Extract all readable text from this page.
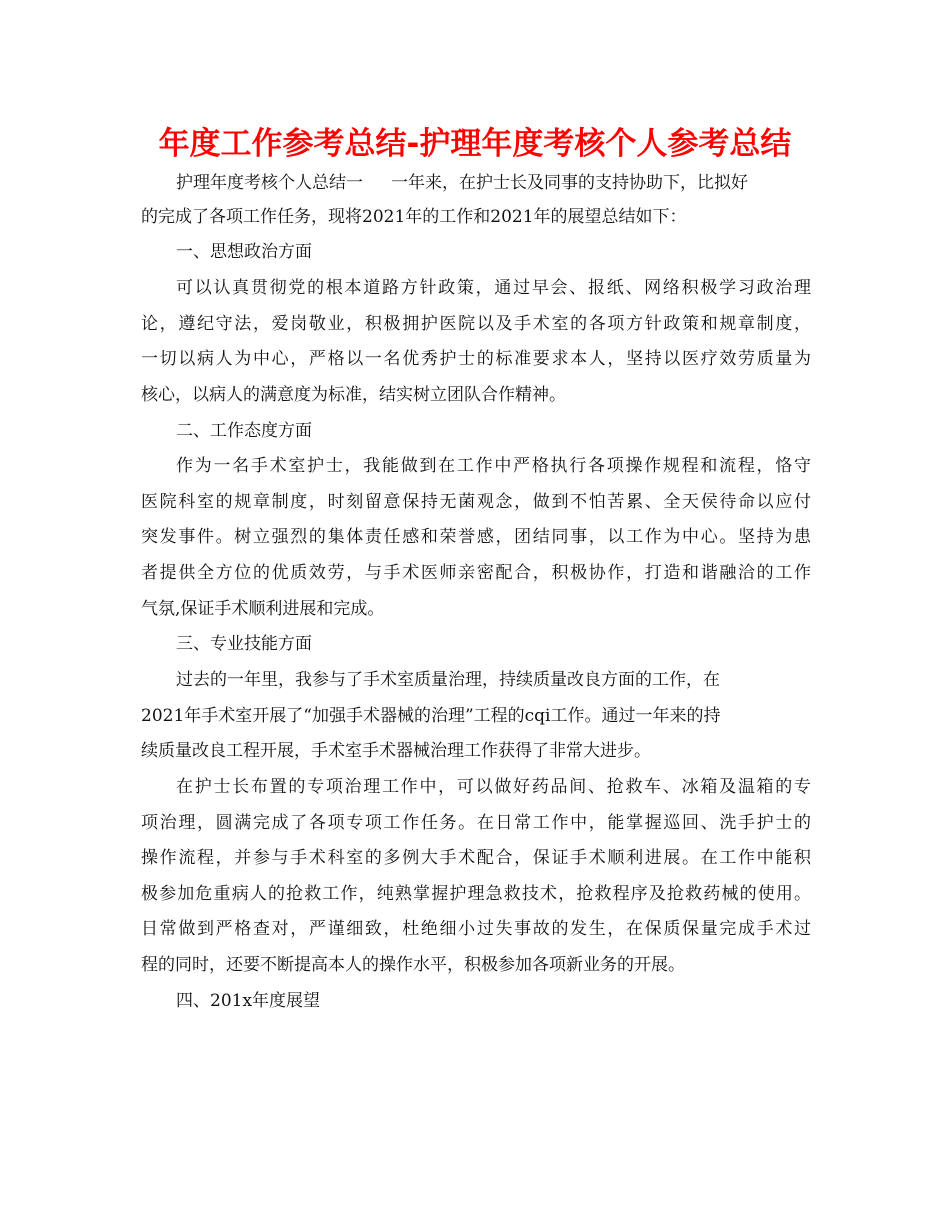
年度工作参考总结-护理年度考核个人参考总结

护理年度考核个人总结一 一年来，在护士长及同事的支持协助下，比拟好

的完成了各项工作任务，现将2021年的工作和2021年的展望总结如下：

一、思想政治方面

可以认真贯彻党的根本道路方针政策，通过早会、报纸、网络积极学习政治理

论，遵纪守法，爱岗敬业，积极拥护医院以及手术室的各项方针政策和规章制度，

一切以病人为中心，严格以一名优秀护士的标准要求本人，坚持以医疗效劳质量为

核心，以病人的满意度为标准，结实树立团队合作精神。

二、工作态度方面

作为一名手术室护士，我能做到在工作中严格执行各项操作规程和流程，恪守

医院科室的规章制度，时刻留意保持无菌观念，做到不怕苦累、全天侯待命以应付

突发事件。树立强烈的集体责任感和荣誉感，团结同事，以工作为中心。坚持为患

者提供全方位的优质效劳，与手术医师亲密配合，积极协作，打造和谐融洽的工作

气氛,保证手术顺利进展和完成。

三、专业技能方面

过去的一年里，我参与了手术室质量治理，持续质量改良方面的工作，在

2021年手术室开展了“加强手术器械的治理”工程的cqi工作。通过一年来的持

续质量改良工程开展，手术室手术器械治理工作获得了非常大进步。

在护士长布置的专项治理工作中，可以做好药品间、抢救车、冰箱及温箱的专

项治理，圆满完成了各项专项工作任务。在日常工作中，能掌握巡回、洗手护士的

操作流程，并参与手术科室的多例大手术配合，保证手术顺利进展。在工作中能积

极参加危重病人的抢救工作，纯熟掌握护理急救技术，抢救程序及抢救药械的使用。

日常做到严格查对，严谨细致，杜绝细小过失事故的发生，在保质保量完成手术过

程的同时，还要不断提高本人的操作水平，积极参加各项新业务的开展。

四、201x年度展望
